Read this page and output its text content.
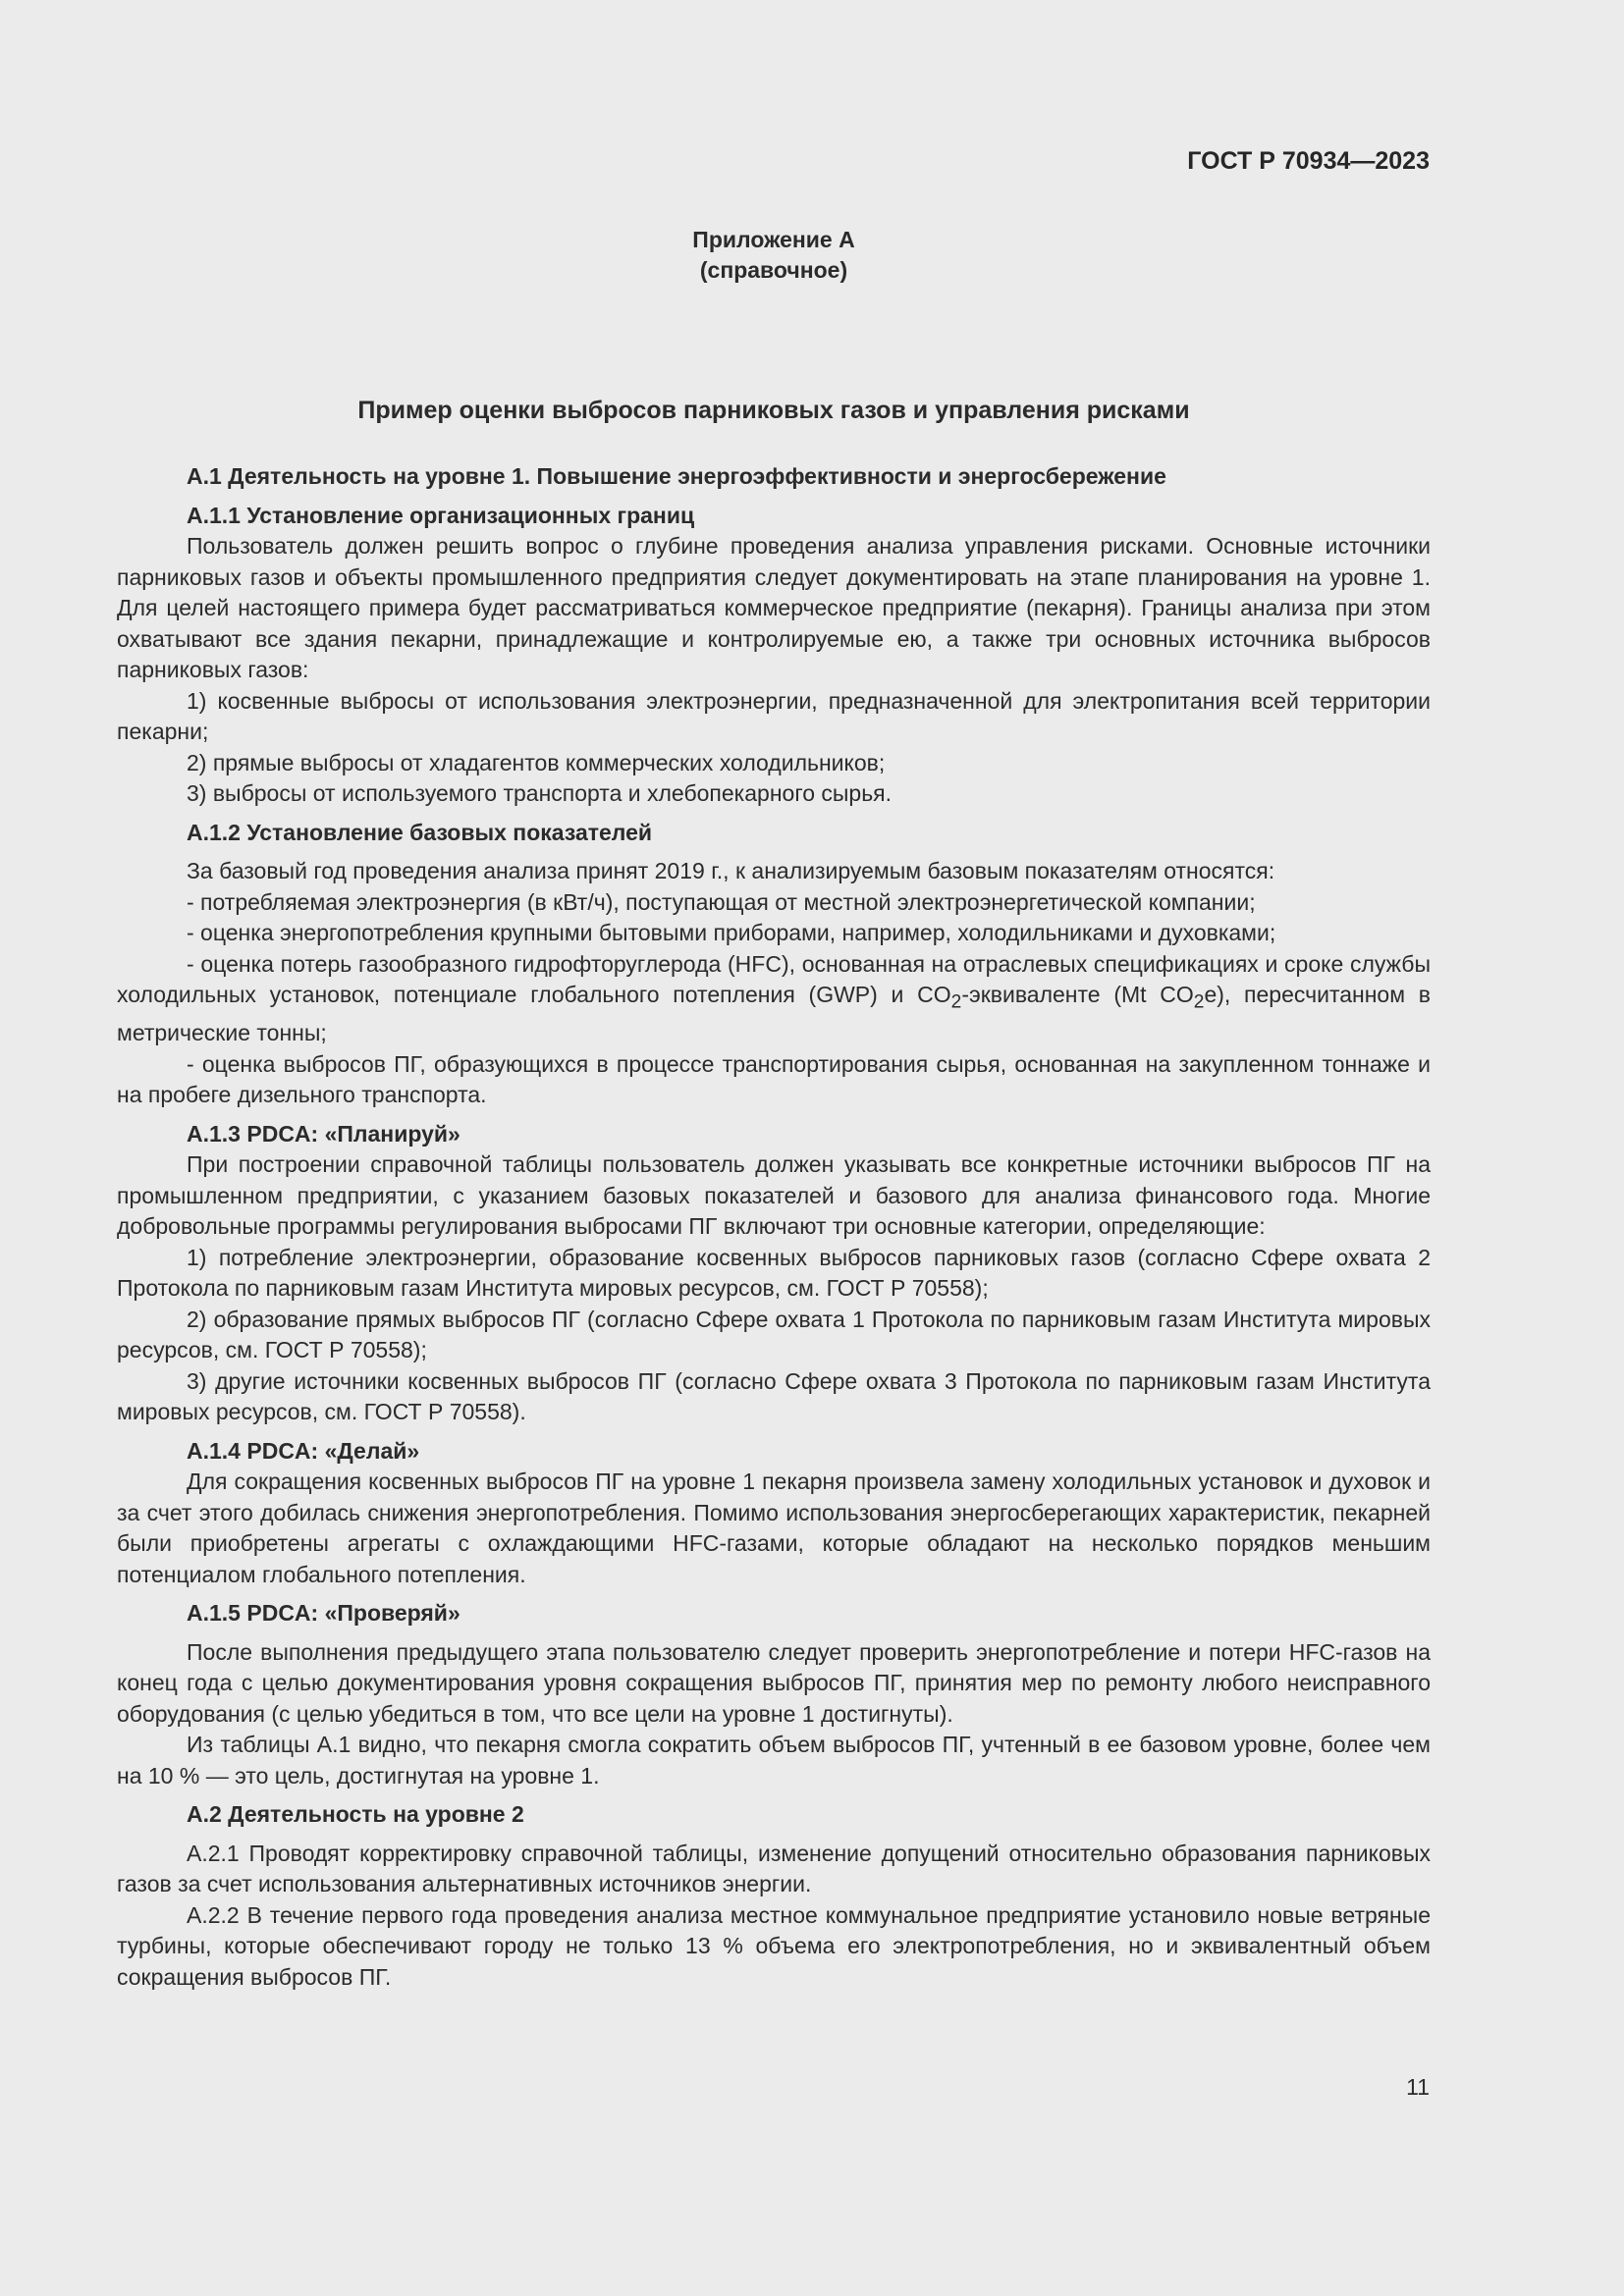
ГОСТ Р 70934—2023
Приложение А
(справочное)
Пример оценки выбросов парниковых газов и управления рисками
А.1 Деятельность на уровне 1. Повышение энергоэффективности и энергосбережение
А.1.1 Установление организационных границ

Пользователь должен решить вопрос о глубине проведения анализа управления рисками. Основные источники парниковых газов и объекты промышленного предприятия следует документировать на этапе планирования на уровне 1. Для целей настоящего примера будет рассматриваться коммерческое предприятие (пекарня). Границы анализа при этом охватывают все здания пекарни, принадлежащие и контролируемые ею, а также три основных источника выбросов парниковых газов:

1) косвенные выбросы от использования электроэнергии, предназначенной для электропитания всей территории пекарни;

2) прямые выбросы от хладагентов коммерческих холодильников;

3) выбросы от используемого транспорта и хлебопекарного сырья.

А.1.2 Установление базовых показателей

За базовый год проведения анализа принят 2019 г., к анализируемым базовым показателям относятся:

- потребляемая электроэнергия (в кВт/ч), поступающая от местной электроэнергетической компании;

- оценка энергопотребления крупными бытовыми приборами, например, холодильниками и духовками;

- оценка потерь газообразного гидрофторуглерода (HFC), основанная на отраслевых спецификациях и сроке службы холодильных установок, потенциале глобального потепления (GWP) и $CO_2$-эквиваленте (Mt $CO_2e$), пересчитанном в метрические тонны;

- оценка выбросов ПГ, образующихся в процессе транспортирования сырья, основанная на закупленном тоннаже и на пробеге дизельного транспорта.

А.1.3 PDCA: «Планируй»

При построении справочной таблицы пользователь должен указывать все конкретные источники выбросов ПГ на промышленном предприятии, с указанием базовых показателей и базового для анализа финансового года. Многие добровольные программы регулирования выбросами ПГ включают три основные категории, определяющие:

1) потребление электроэнергии, образование косвенных выбросов парниковых газов (согласно Сфере охвата 2 Протокола по парниковым газам Института мировых ресурсов, см. ГОСТ Р 70558);

2) образование прямых выбросов ПГ (согласно Сфере охвата 1 Протокола по парниковым газам Института мировых ресурсов, см. ГОСТ Р 70558);

3) другие источники косвенных выбросов ПГ (согласно Сфере охвата 3 Протокола по парниковым газам Института мировых ресурсов, см. ГОСТ Р 70558).

А.1.4 PDCA: «Делай»

Для сокращения косвенных выбросов ПГ на уровне 1 пекарня произвела замену холодильных установок и духовок и за счет этого добилась снижения энергопотребления. Помимо использования энергосберегающих характеристик, пекарней были приобретены агрегаты с охлаждающими HFC-газами, которые обладают на несколько порядков меньшим потенциалом глобального потепления.

А.1.5 PDCA: «Проверяй»

После выполнения предыдущего этапа пользователю следует проверить энергопотребление и потери HFC-газов на конец года с целью документирования уровня сокращения выбросов ПГ, принятия мер по ремонту любого неисправного оборудования (с целью убедиться в том, что все цели на уровне 1 достигнуты).

Из таблицы А.1 видно, что пекарня смогла сократить объем выбросов ПГ, учтенный в ее базовом уровне, более чем на 10 % — это цель, достигнутая на уровне 1.

А.2 Деятельность на уровне 2

А.2.1 Проводят корректировку справочной таблицы, изменение допущений относительно образования парниковых газов за счет использования альтернативных источников энергии.

А.2.2 В течение первого года проведения анализа местное коммунальное предприятие установило новые ветряные турбины, которые обеспечивают городу не только 13 % объема его электропотребления, но и эквивалентный объем сокращения выбросов ПГ.

11
